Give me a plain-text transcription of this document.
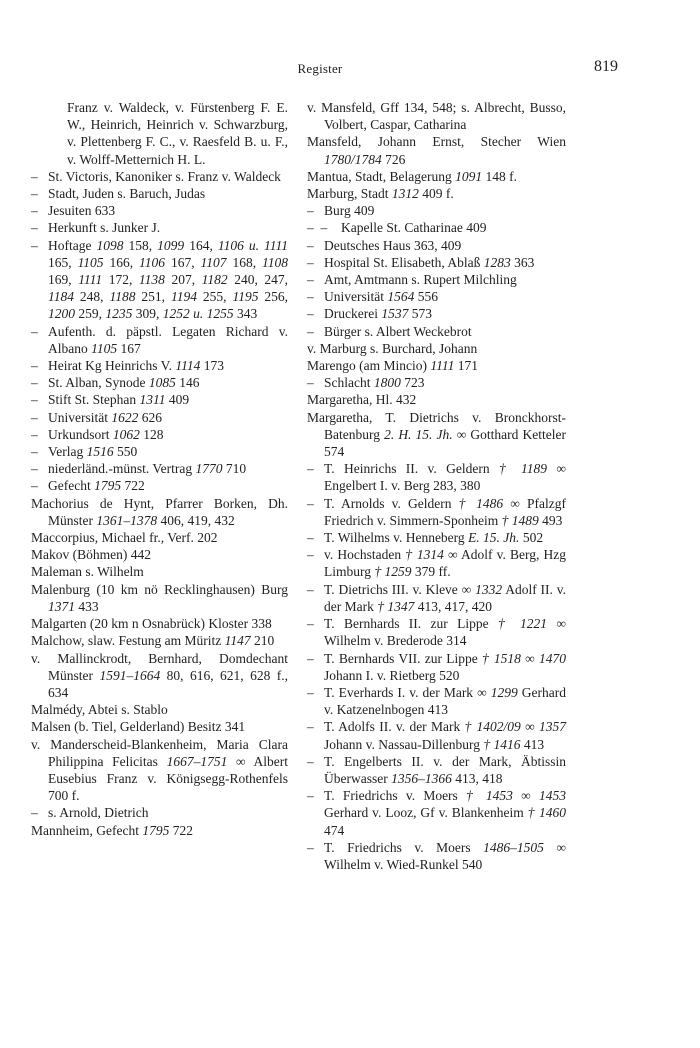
Register	819

Franz v. Waldeck, v. Fürstenberg F. E. W., Heinrich, Heinrich v. Schwarzburg, v. Plettenberg F. C., v. Raesfeld B. u. F., v. Wolff-Metternich H. L.

– St. Victoris, Kanoniker s. Franz v. Waldeck

– Stadt, Juden s. Baruch, Judas

– Jesuiten 633

– Herkunft s. Junker J.

– Hoftage 1098 158, 1099 164, 1106 u. 1111 165, 1105 166, 1106 167, 1107 168, 1108 169, 1111 172, 1138 207, 1182 240, 247, 1184 248, 1188 251, 1194 255, 1195 256, 1200 259, 1235 309, 1252 u. 1255 343

– Aufenth. d. päpstl. Legaten Richard v. Albano 1105 167

– Heirat Kg Heinrichs V. 1114 173

– St. Alban, Synode 1085 146

– Stift St. Stephan 1311 409

– Universität 1622 626

– Urkundsort 1062 128

– Verlag 1516 550

– niederländ.-münst. Vertrag 1770 710

– Gefecht 1795 722

Machorius de Hynt, Pfarrer Borken, Dh. Münster 1361–1378 406, 419, 432

Maccorpius, Michael fr., Verf. 202

Makov (Böhmen) 442

Maleman s. Wilhelm

Malenburg (10 km nö Recklinghausen) Burg 1371 433

Malgarten (20 km n Osnabrück) Kloster 338

Malchow, slaw. Festung am Müritz 1147 210

v. Mallinckrodt, Bernhard, Domdechant Münster 1591–1664 80, 616, 621, 628 f., 634

Malmédy, Abtei s. Stablo

Malsen (b. Tiel, Gelderland) Besitz 341

v. Manderscheid-Blankenheim, Maria Clara Philippina Felicitas 1667–1751 ∞ Albert Eusebius Franz v. Königsegg-Rothenfels 700 f.

– s. Arnold, Dietrich

Mannheim, Gefecht 1795 722

v. Mansfeld, Gff 134, 548; s. Albrecht, Busso, Volbert, Caspar, Catharina

Mansfeld, Johann Ernst, Stecher Wien 1780/1784 726

Mantua, Stadt, Belagerung 1091 148 f.

Marburg, Stadt 1312 409 f.

– Burg 409

–  – Kapelle St. Catharinae 409

– Deutsches Haus 363, 409

– Hospital St. Elisabeth, Ablaß 1283 363

– Amt, Amtmann s. Rupert Milchling

– Universität 1564 556

– Druckerei 1537 573

– Bürger s. Albert Weckebrot

v. Marburg s. Burchard, Johann

Marengo (am Mincio) 1111 171

– Schlacht 1800 723

Margaretha, Hl. 432

Margaretha, T. Dietrichs v. Bronckhorst-Batenburg 2. H. 15. Jh. ∞ Gotthard Ketteler 574

– T. Heinrichs II. v. Geldern † 1189 ∞ Engelbert I. v. Berg 283, 380

– T. Arnolds v. Geldern † 1486 ∞ Pfalzgf Friedrich v. Simmern-Sponheim † 1489 493

– T. Wilhelms v. Henneberg E. 15. Jh. 502

– v. Hochstaden † 1314 ∞ Adolf v. Berg, Hzg Limburg † 1259 379 ff.

– T. Dietrichs III. v. Kleve ∞ 1332 Adolf II. v. der Mark † 1347 413, 417, 420

– T. Bernhards II. zur Lippe † 1221 ∞ Wilhelm v. Brederode 314

– T. Bernhards VII. zur Lippe † 1518 ∞ 1470 Johann I. v. Rietberg 520

– T. Everhards I. v. der Mark ∞ 1299 Gerhard v. Katzenelnbogen 413

– T. Adolfs II. v. der Mark † 1402/09 ∞ 1357 Johann v. Nassau-Dillenburg † 1416 413

– T. Engelberts II. v. der Mark, Äbtissin Überwasser 1356–1366 413, 418

– T. Friedrichs v. Moers † 1453 ∞ 1453 Gerhard v. Looz, Gf v. Blankenheim † 1460 474

– T. Friedrichs v. Moers 1486–1505 ∞ Wilhelm v. Wied-Runkel 540
